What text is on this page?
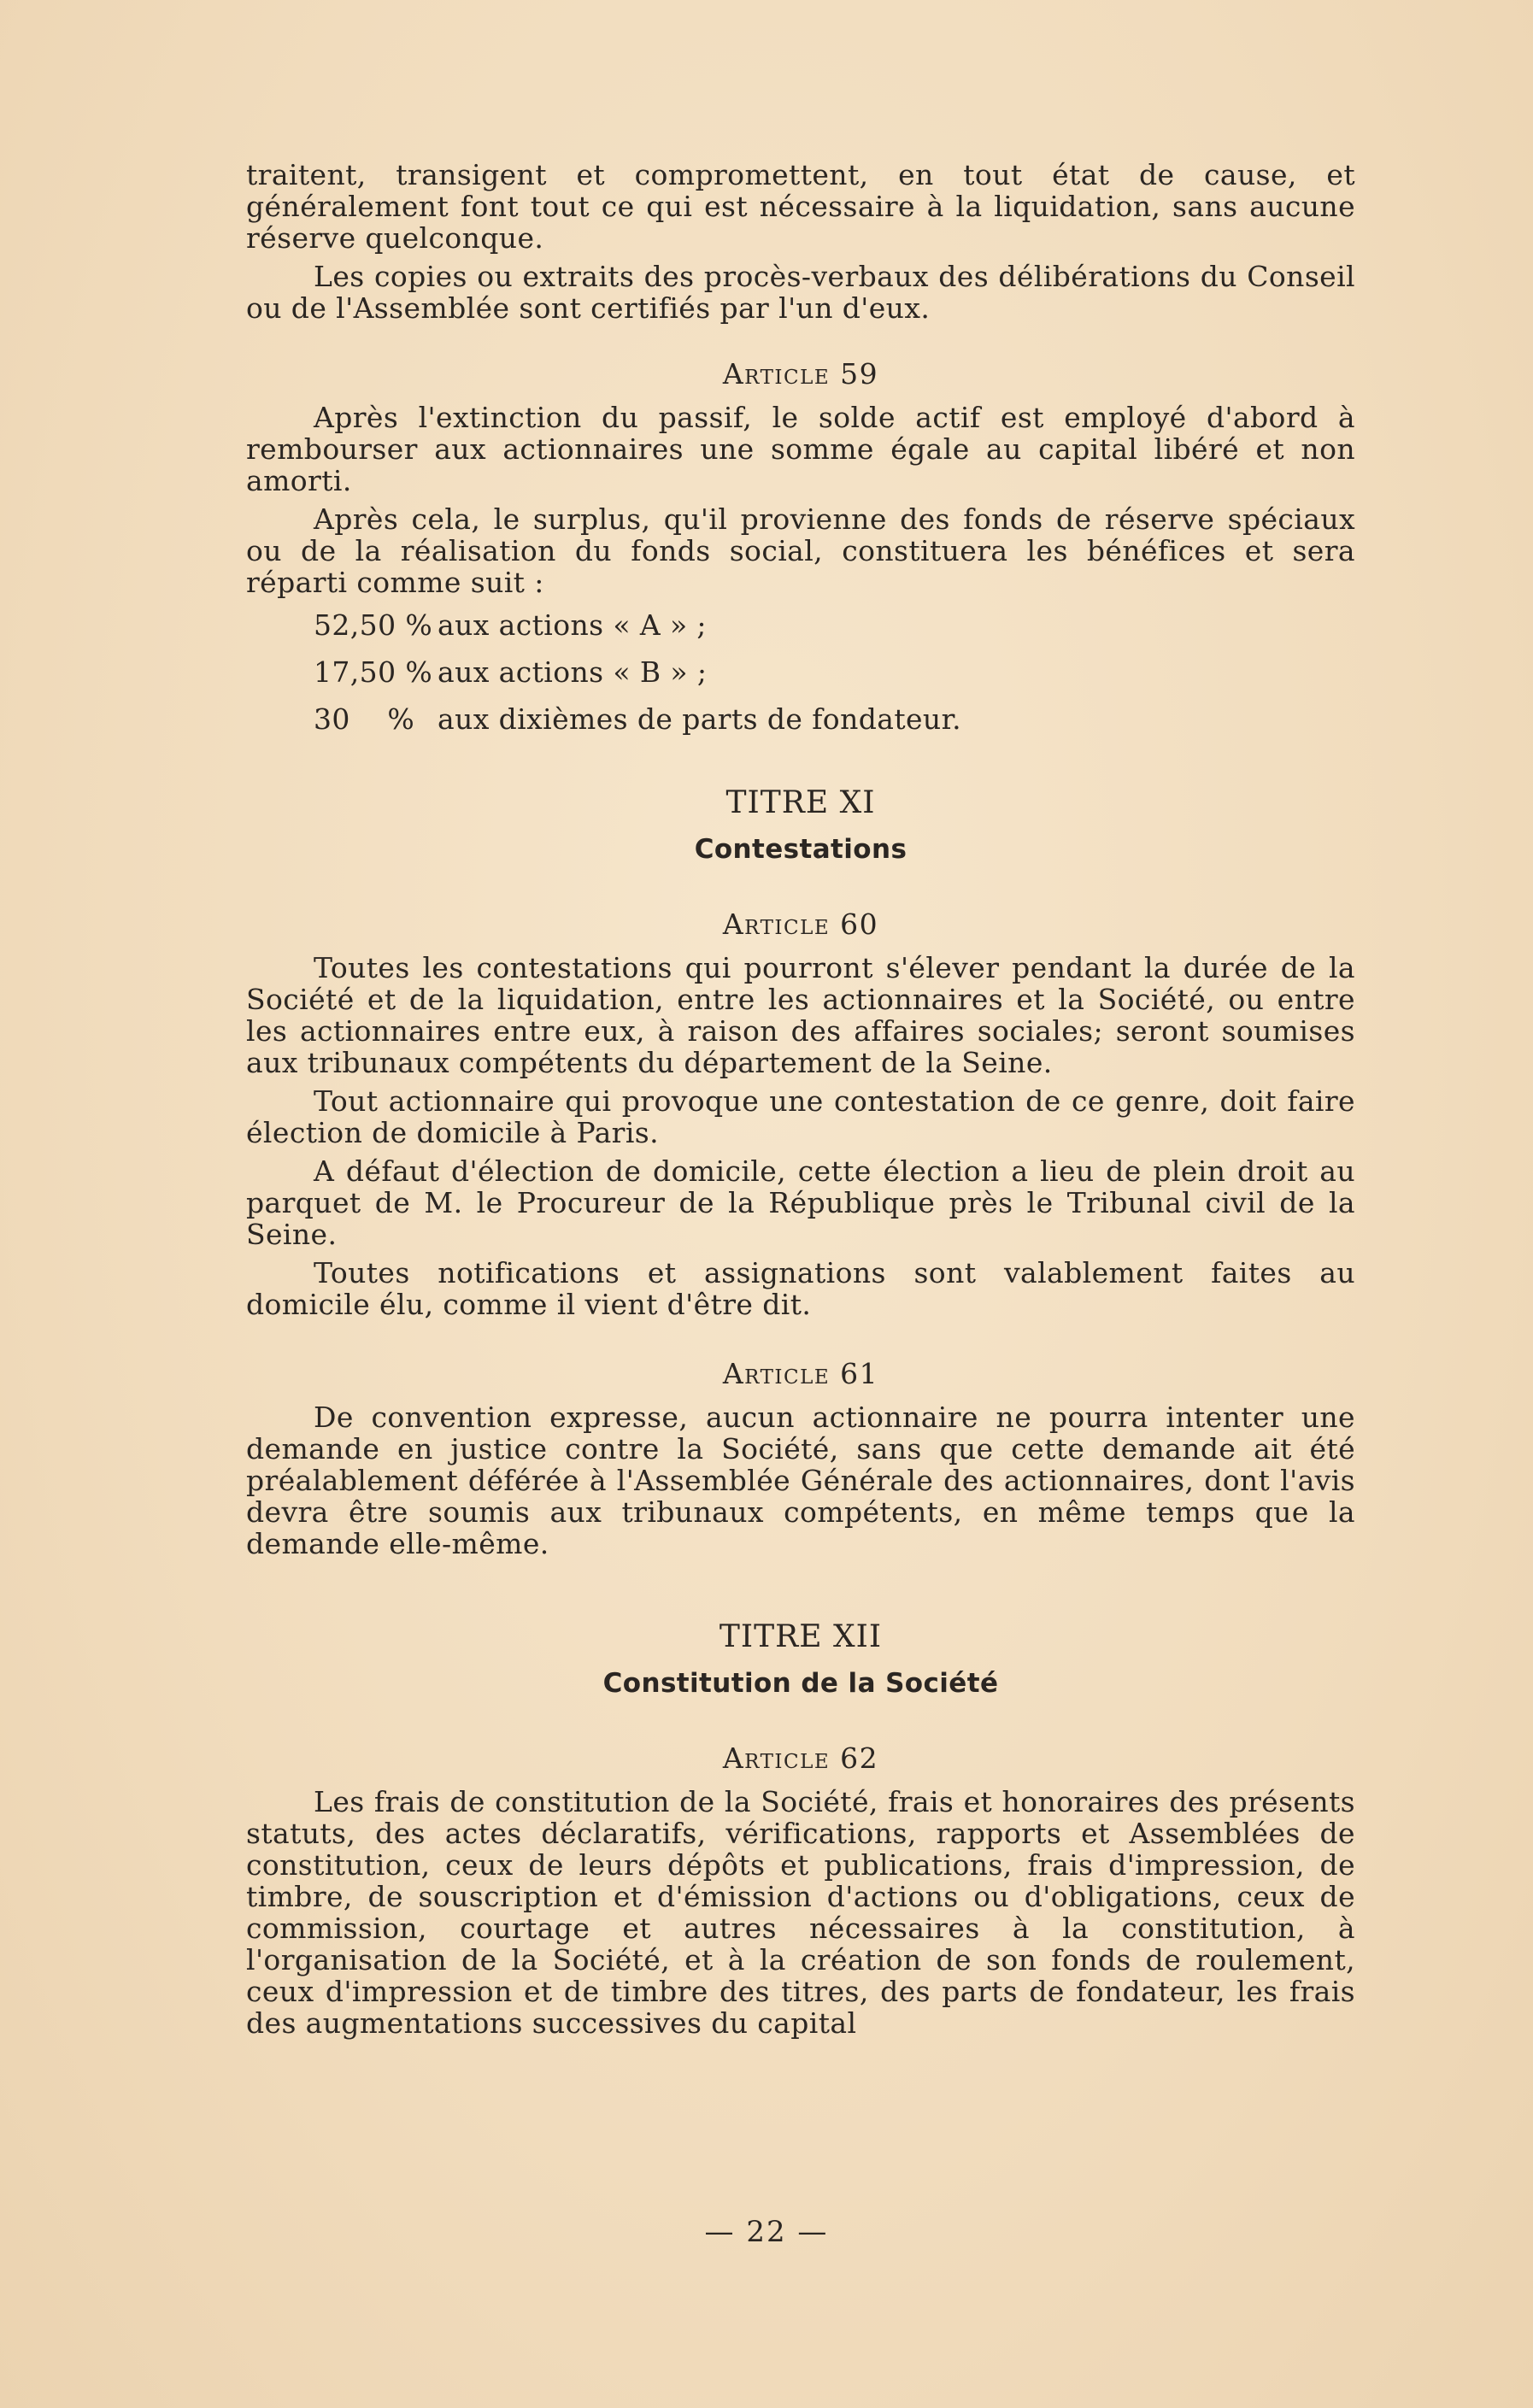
traitent, transigent et compromettent, en tout état de cause, et généralement font tout ce qui est nécessaire à la liquidation, sans aucune réserve quelconque.

Les copies ou extraits des procès-verbaux des délibérations du Conseil ou de l'Assemblée sont certifiés par l'un d'eux.

Article 59

Après l'extinction du passif, le solde actif est employé d'abord à rembourser aux actionnaires une somme égale au capital libéré et non amorti.

Après cela, le surplus, qu'il provienne des fonds de réserve spéciaux ou de la réalisation du fonds social, constituera les bénéfices et sera réparti comme suit :

52,50 % aux actions « A » ;
17,50 % aux actions « B » ;
30    % aux dixièmes de parts de fondateur.
TITRE XI
Contestations
Article 60

Toutes les contestations qui pourront s'élever pendant la durée de la Société et de la liquidation, entre les actionnaires et la Société, ou entre les actionnaires entre eux, à raison des affaires sociales; seront soumises aux tribunaux compétents du département de la Seine.

Tout actionnaire qui provoque une contestation de ce genre, doit faire élection de domicile à Paris.

A défaut d'élection de domicile, cette élection a lieu de plein droit au parquet de M. le Procureur de la République près le Tribunal civil de la Seine.

Toutes notifications et assignations sont valablement faites au domicile élu, comme il vient d'être dit.

Article 61

De convention expresse, aucun actionnaire ne pourra intenter une demande en justice contre la Société, sans que cette demande ait été préalablement déférée à l'Assemblée Générale des actionnaires, dont l'avis devra être soumis aux tribunaux compétents, en même temps que la demande elle-même.

TITRE XII
Constitution de la Société
Article 62

Les frais de constitution de la Société, frais et honoraires des présents statuts, des actes déclaratifs, vérifications, rapports et Assemblées de constitution, ceux de leurs dépôts et publications, frais d'impression, de timbre, de souscription et d'émission d'actions ou d'obligations, ceux de commission, courtage et autres nécessaires à la constitution, à l'organisation de la Société, et à la création de son fonds de roulement, ceux d'impression et de timbre des titres, des parts de fondateur, les frais des augmentations successives du capital

— 22 —
